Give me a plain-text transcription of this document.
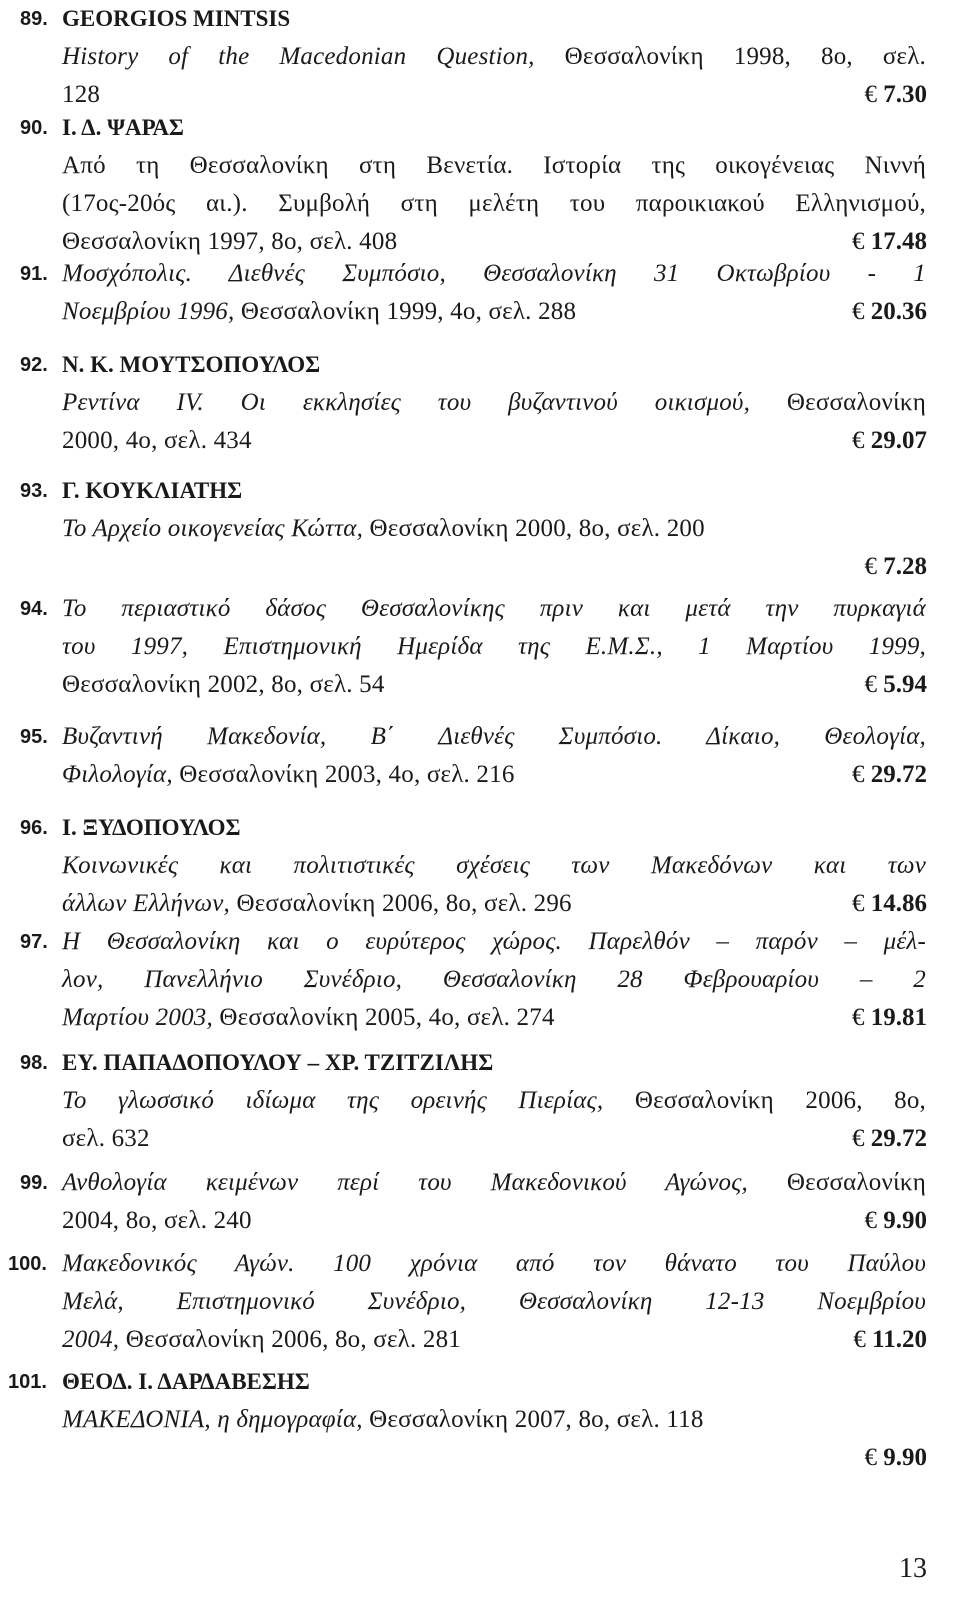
89. GEORGIOS MINTSIS
History of the Macedonian Question, Θεσσαλονίκη 1998, 8ο, σελ.
128	€ 7.30
90. Ι. Δ. ΨΑΡΑΣ
Από τη Θεσσαλονίκη στη Βενετία. Ιστορία της οικογένειας Νιννή
(17ος-20ός αι.). Συμβολή στη μελέτη του παροικιακού Ελληνισμού,
Θεσσαλονίκη 1997, 8ο, σελ. 408	€ 17.48
91. Μοσχόπολις. Διεθνές Συμπόσιο, Θεσσαλονίκη 31 Οκτωβρίου - 1
Νοεμβρίου 1996, Θεσσαλονίκη 1999, 4ο, σελ. 288	€ 20.36
92. Ν. Κ. ΜΟΥΤΣΟΠΟΥΛΟΣ
Ρεντίνα IV. Οι εκκλησίες του βυζαντινού οικισμού, Θεσσαλονίκη
2000, 4ο, σελ. 434	€ 29.07
93. Γ. ΚΟΥΚΛΙΑΤΗΣ
Το Αρχείο οικογενείας Κώττα, Θεσσαλονίκη 2000, 8ο, σελ. 200
€ 7.28
94. Το περιαστικό δάσος Θεσσαλονίκης πριν και μετά την πυρκαγιά
του 1997, Επιστημονική Ημερίδα της Ε.Μ.Σ., 1 Μαρτίου 1999,
Θεσσαλονίκη 2002, 8ο, σελ. 54	€ 5.94
95. Βυζαντινή Μακεδονία, Β΄ Διεθνές Συμπόσιο. Δίκαιο, Θεολογία,
Φιλολογία, Θεσσαλονίκη 2003, 4ο, σελ. 216	€ 29.72
96. Ι. ΞΥΔΟΠΟΥΛΟΣ
Κοινωνικές και πολιτιστικές σχέσεις των Μακεδόνων και των
άλλων Ελλήνων, Θεσσαλονίκη 2006, 8ο, σελ. 296	€ 14.86
97. Η Θεσσαλονίκη και ο ευρύτερος χώρος. Παρελθόν – παρόν – μέλ-
λον, Πανελλήνιο Συνέδριο, Θεσσαλονίκη 28 Φεβρουαρίου – 2
Μαρτίου 2003, Θεσσαλονίκη 2005, 4ο, σελ. 274	€ 19.81
98. ΕΥ. ΠΑΠΑΔΟΠΟΥΛΟΥ – ΧΡ. ΤΖΙΤΖΙΛΗΣ
Το γλωσσικό ιδίωμα της ορεινής Πιερίας, Θεσσαλονίκη 2006, 8ο,
σελ. 632	€ 29.72
99. Ανθολογία κειμένων περί του Μακεδονικού Αγώνος, Θεσσαλονίκη
2004, 8ο, σελ. 240	€ 9.90
100. Μακεδονικός Αγών. 100 χρόνια από τον θάνατο του Παύλου
Μελά, Επιστημονικό Συνέδριο, Θεσσαλονίκη 12-13 Νοεμβρίου
2004, Θεσσαλονίκη 2006, 8ο, σελ. 281	€ 11.20
101. ΘΕΟΔ. Ι. ΔΑΡΔΑΒΕΣΗΣ
ΜΑΚΕΔΟΝΙΑ, η δημογραφία, Θεσσαλονίκη 2007, 8ο, σελ. 118
€ 9.90
13
